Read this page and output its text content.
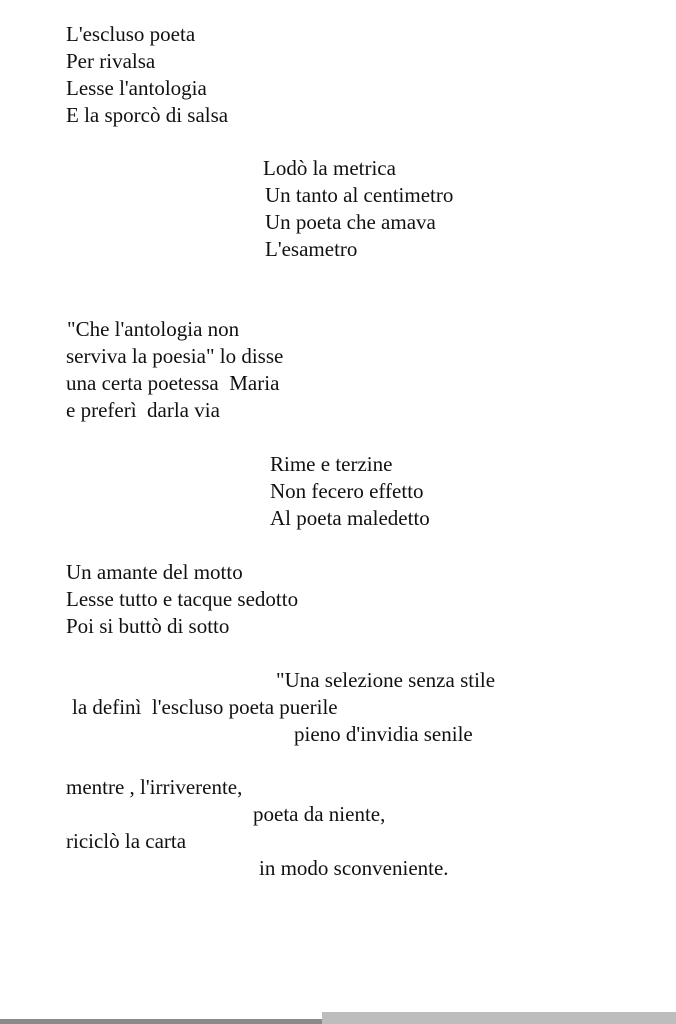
L'escluso poeta

Per rivalsa

Lesse l'antologia

E la sporcò di salsa

Lodò la metrica

Un tanto al centimetro

Un poeta che amava

L'esametro

"Che l'antologia non

serviva la poesia" lo disse

una certa poetessa  Maria

e preferì  darla via

Rime e terzine

Non fecero effetto

Al poeta maledetto

Un amante del motto

Lesse tutto e tacque sedotto

Poi si buttò di sotto

"Una selezione senza stile

la definì  l'escluso poeta puerile

pieno d'invidia senile

mentre , l'irriverente,

poeta da niente,

riciclò la carta

in modo sconveniente.
